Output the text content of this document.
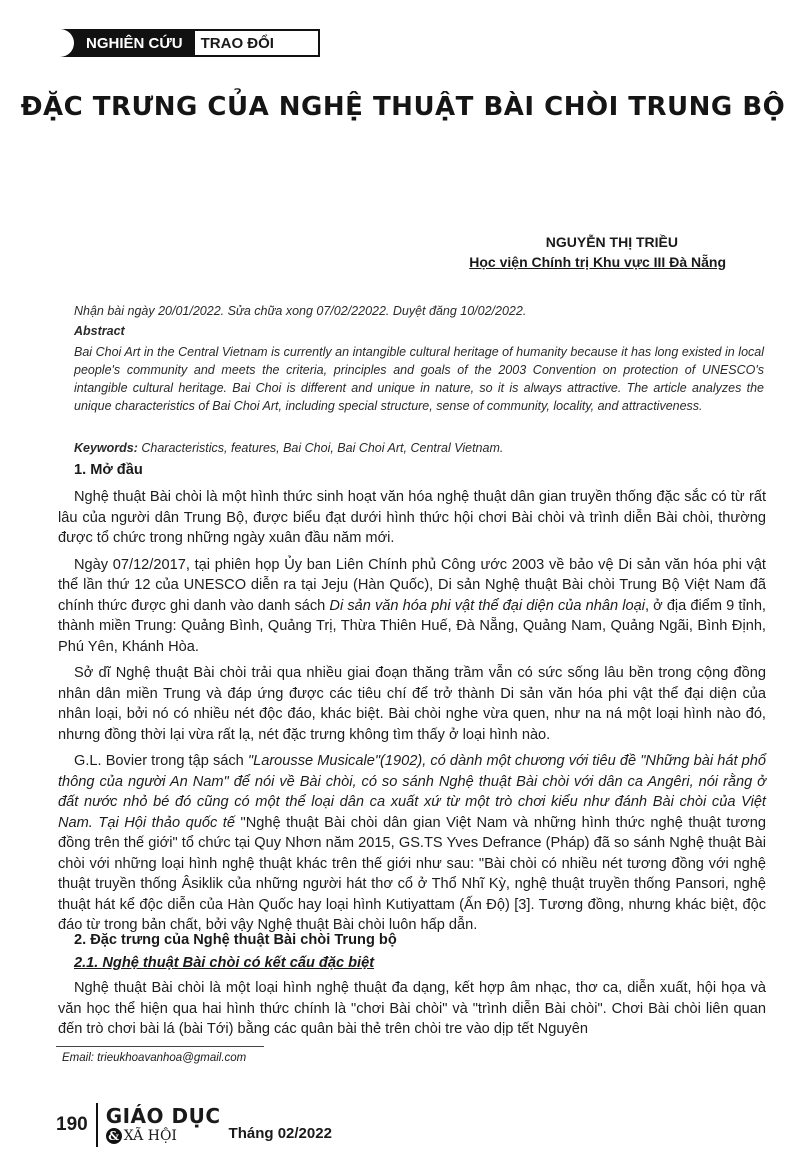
NGHIÊN CỨU	TRAO ĐỔI
ĐẶC TRƯNG CỦA NGHỆ THUẬT BÀI CHÒI TRUNG BỘ
NGUYỄN THỊ TRIỀU
Học viện Chính trị Khu vực III Đà Nẵng
Nhận bài ngày 20/01/2022. Sửa chữa xong 07/02/22022. Duyệt đăng 10/02/2022.
Abstract
Bai Choi Art in the Central Vietnam is currently an intangible cultural heritage of humanity because it has long existed in local people's community and meets the criteria, principles and goals of the 2003 Convention on protection of UNESCO's intangible cultural heritage. Bai Choi is different and unique in nature, so it is always attractive. The article analyzes the unique characteristics of Bai Choi Art, including special structure, sense of community, locality, and attractiveness.
Keywords: Characteristics, features, Bai Choi, Bai Choi Art, Central Vietnam.
1. Mở đầu

Nghệ thuật Bài chòi là một hình thức sinh hoạt văn hóa nghệ thuật dân gian truyền thống đặc sắc có từ rất lâu của người dân Trung Bộ, được biểu đạt dưới hình thức hội chơi Bài chòi và trình diễn Bài chòi, thường được tổ chức trong những ngày xuân đầu năm mới.

Ngày 07/12/2017, tại phiên họp Ủy ban Liên Chính phủ Công ước 2003 về bảo vệ Di sản văn hóa phi vật thể lần thứ 12 của UNESCO diễn ra tại Jeju (Hàn Quốc), Di sản Nghệ thuật Bài chòi Trung Bộ Việt Nam đã chính thức được ghi danh vào danh sách Di sản văn hóa phi vật thể đại diện của nhân loại, ở địa điểm 9 tỉnh, thành miền Trung: Quảng Bình, Quảng Trị, Thừa Thiên Huế, Đà Nẵng, Quảng Nam, Quảng Ngãi, Bình Định, Phú Yên, Khánh Hòa.

Sở dĩ Nghệ thuật Bài chòi trải qua nhiều giai đoạn thăng trầm vẫn có sức sống lâu bền trong cộng đồng nhân dân miền Trung và đáp ứng được các tiêu chí để trở thành Di sản văn hóa phi vật thể đại diện của nhân loại, bởi nó có nhiều nét độc đáo, khác biệt. Bài chòi nghe vừa quen, như na ná một loại hình nào đó, nhưng đồng thời lại vừa rất lạ, nét đặc trưng không tìm thấy ở loại hình nào.

G.L. Bovier trong tập sách "Larousse Musicale"(1902), có dành một chương với tiêu đề "Những bài hát phổ thông của người An Nam" để nói về Bài chòi, có so sánh Nghệ thuật Bài chòi với dân ca Angêri, nói rằng ở đất nước nhỏ bé đó cũng có một thể loại dân ca xuất xứ từ một trò chơi kiểu như đánh Bài chòi của Việt Nam. Tại Hội thảo quốc tế "Nghệ thuật Bài chòi dân gian Việt Nam và những hình thức nghệ thuật tương đồng trên thế giới" tổ chức tại Quy Nhơn năm 2015, GS.TS Yves Defrance (Pháp) đã so sánh Nghệ thuật Bài chòi với những loại hình nghệ thuật khác trên thế giới như sau: "Bài chòi có nhiều nét tương đồng với nghệ thuật truyền thống Âsiklik của những người hát thơ cổ ở Thổ Nhĩ Kỳ, nghệ thuật truyền thống Pansori, nghệ thuật hát kể độc diễn của Hàn Quốc hay loại hình Kutiyattam (Ấn Độ) [3]. Tương đồng, nhưng khác biệt, độc đáo từ trong bản chất, bởi vậy Nghệ thuật Bài chòi luôn hấp dẫn.

2. Đặc trưng của Nghệ thuật Bài chòi Trung bộ
2.1. Nghệ thuật Bài chòi có kết cấu đặc biệt

Nghệ thuật Bài chòi là một loại hình nghệ thuật đa dạng, kết hợp âm nhạc, thơ ca, diễn xuất, hội họa và văn học thể hiện qua hai hình thức chính là "chơi Bài chòi" và "trình diễn Bài chòi". Chơi Bài chòi liên quan đến trò chơi bài lá (bài Tới) bằng các quân bài thẻ trên chòi tre vào dịp tết Nguyên

Email: trieukhoavanhoa@gmail.com
190 GIÁO DỤC
& XÃ HỘI	Tháng 02/2022
